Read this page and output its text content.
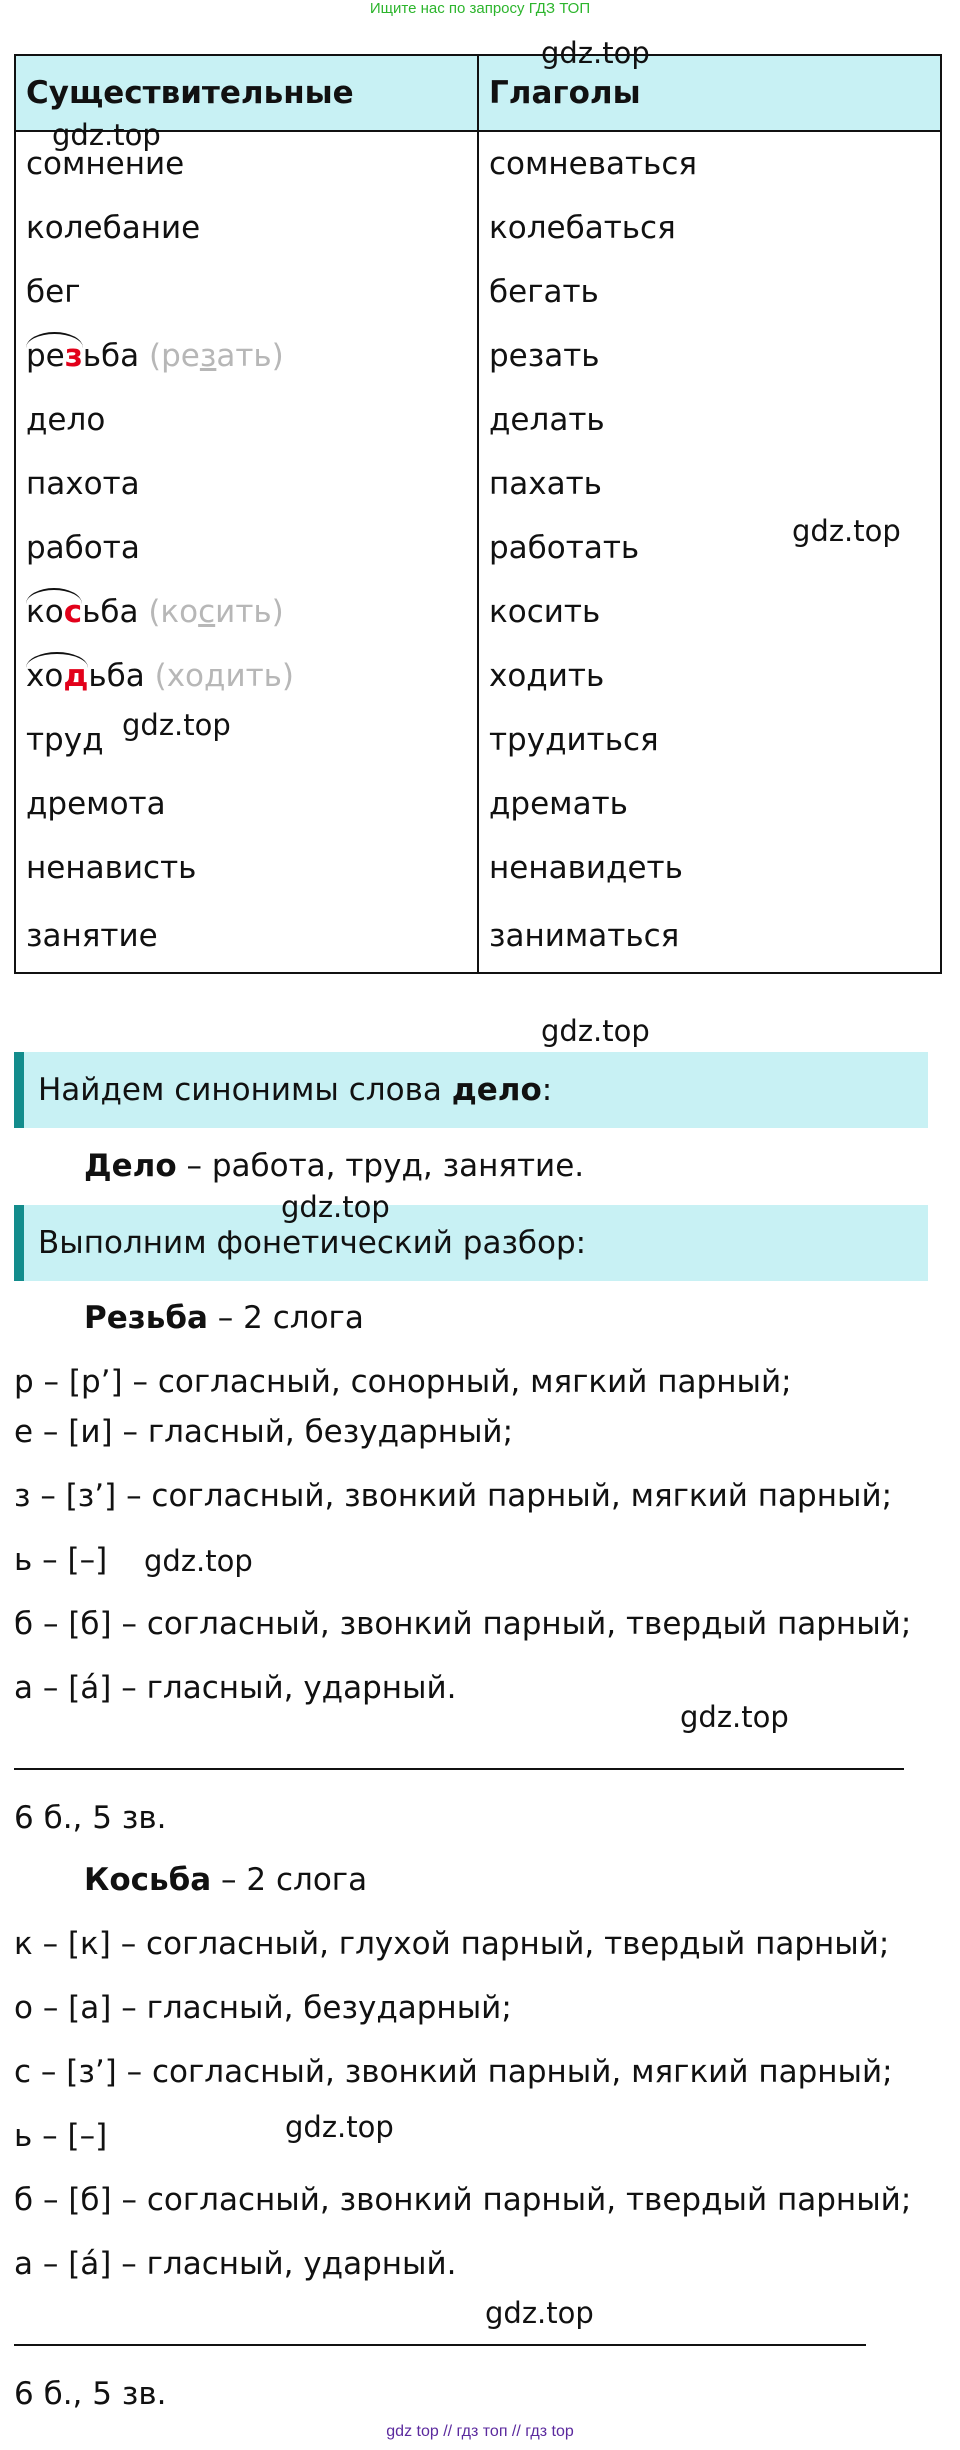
Ищите нас по запросу ГДЗ ТОП
Существительные	Глаголы
сомнение	сомневаться
колебание	колебаться
бег	бегать

резьба (резать)	резать
дело	делать
пахота	пахать
работа	работать

косьба (косить)	косить

ходьба (ходить)	ходить
труд	трудиться
дремота	дремать
ненависть	ненавидеть
занятие	заниматься
Найдем синонимы слова дело:
Дело – работа, труд, занятие.
Выполним фонетический разбор:
Резьба – 2 слога
р – [р’] – согласный, сонорный, мягкий парный;
е – [и] – гласный, безударный;
з – [з’] – согласный, звонкий парный, мягкий парный;
ь – [–]
б – [б] – согласный, звонкий парный, твердый парный;
а – [а́] – гласный, ударный.
6 б., 5 зв.
Косьба – 2 слога
к – [к] – согласный, глухой парный, твердый парный;
о – [а] – гласный, безударный;
с – [з’] – согласный, звонкий парный, мягкий парный;
ь – [–]
б – [б] – согласный, звонкий парный, твердый парный;
а – [а́] – гласный, ударный.
6 б., 5 зв.
gdz.top
gdz.top
gdz.top
gdz.top
gdz.top
gdz.top
gdz.top
gdz.top
gdz.top
gdz.top
gdz top // гдз топ // гдз top
